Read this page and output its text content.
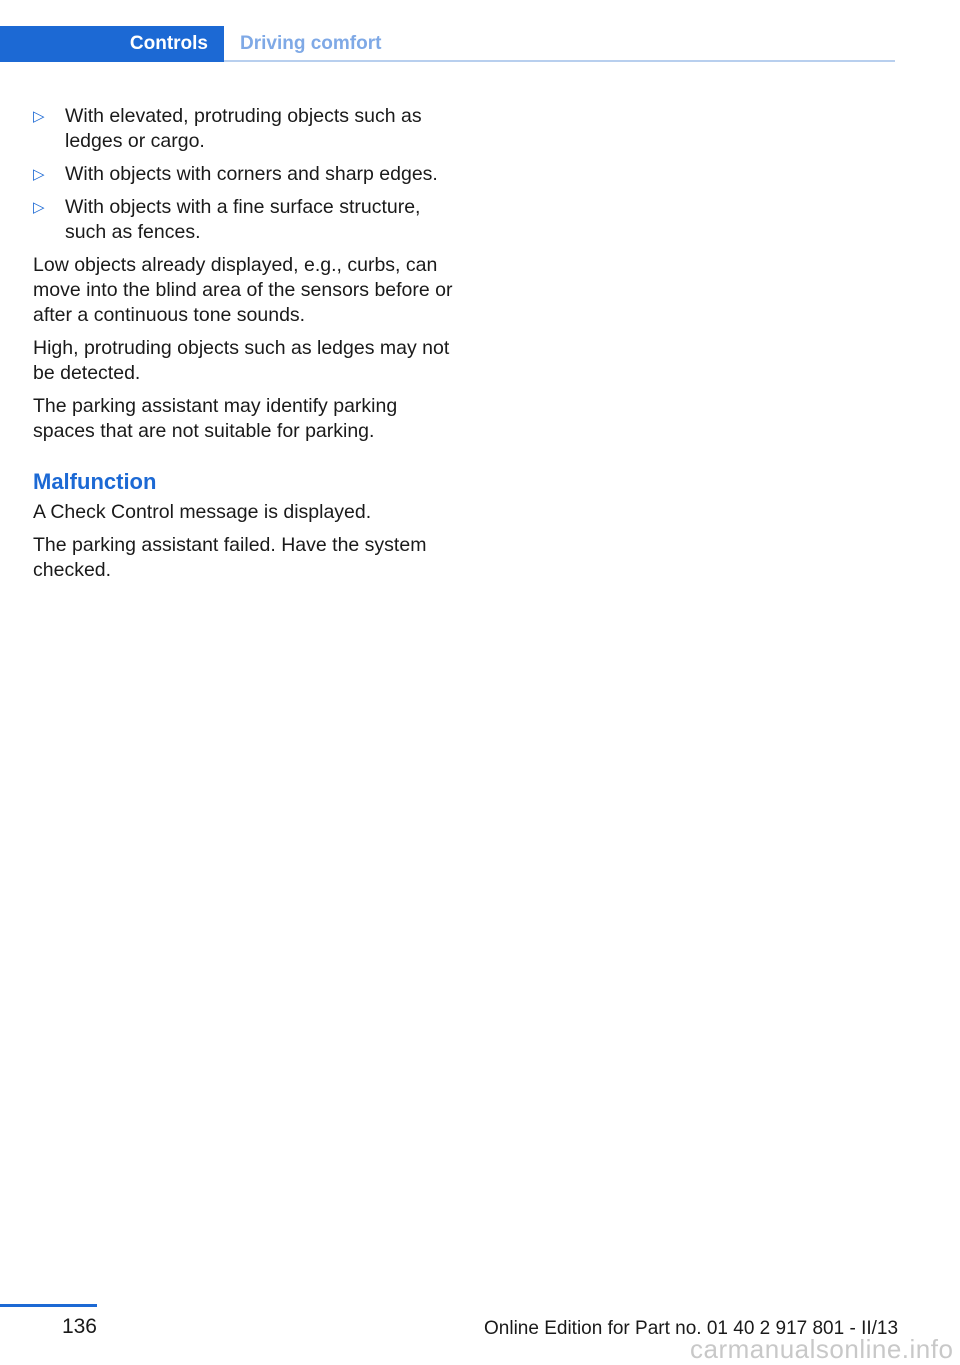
Controls	Driving comfort
▷ With elevated, protruding objects such as ledges or cargo.
▷ With objects with corners and sharp edges.
▷ With objects with a fine surface structure, such as fences.

Low objects already displayed, e.g., curbs, can move into the blind area of the sensors before or after a continuous tone sounds.

High, protruding objects such as ledges may not be detected.

The parking assistant may identify parking spaces that are not suitable for parking.

Malfunction

A Check Control message is displayed.

The parking assistant failed. Have the system checked.

136	Online Edition for Part no. 01 40 2 917 801 - II/13
carmanualsonline.info
